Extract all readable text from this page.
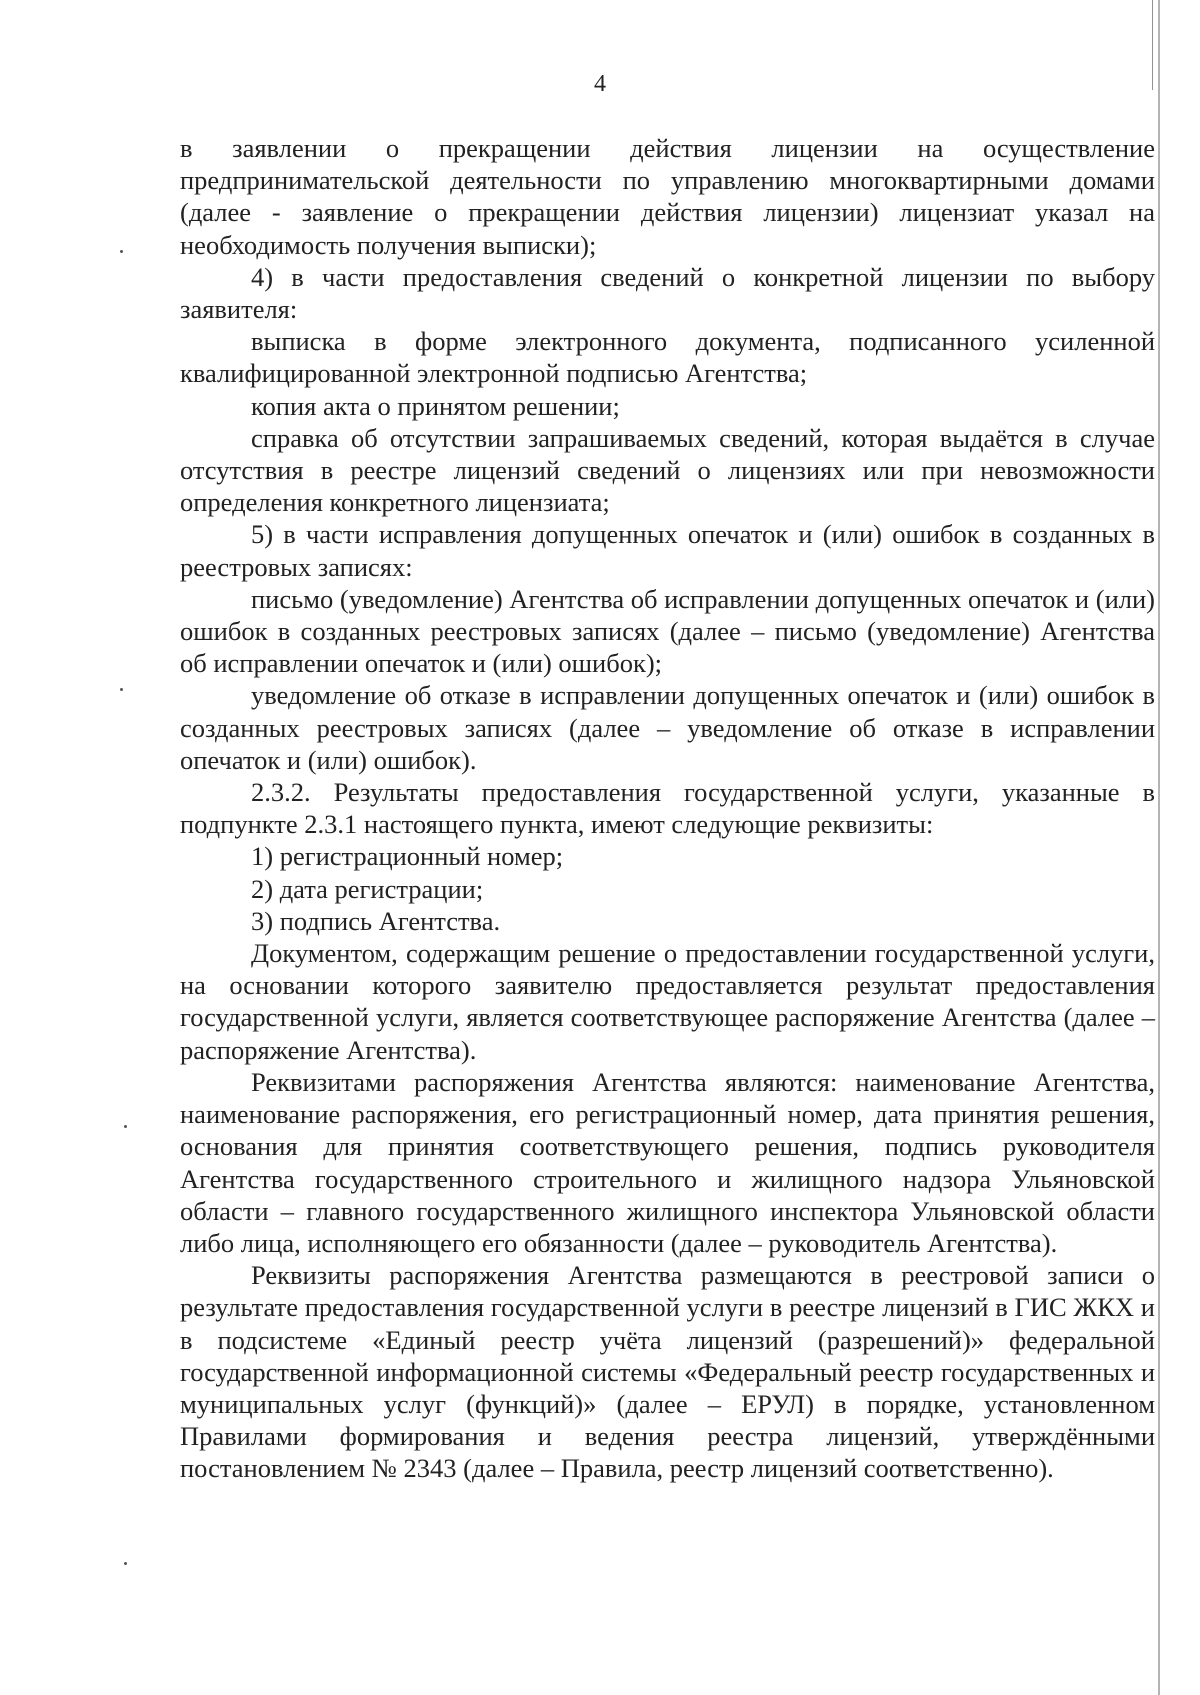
4

в заявлении о прекращении действия лицензии на осуществление предпринимательской деятельности по управлению многоквартирными домами (далее - заявление о прекращении действия лицензии) лицензиат указал на необходимость получения выписки);

4) в части предоставления сведений о конкретной лицензии по выбору заявителя:

выписка в форме электронного документа, подписанного усиленной квалифицированной электронной подписью Агентства;

копия акта о принятом решении;

справка об отсутствии запрашиваемых сведений, которая выдаётся в случае отсутствия в реестре лицензий сведений о лицензиях или при невозможности определения конкретного лицензиата;

5) в части исправления допущенных опечаток и (или) ошибок в созданных в реестровых записях:

письмо (уведомление) Агентства об исправлении допущенных опечаток и (или) ошибок в созданных реестровых записях (далее – письмо (уведомление) Агентства об исправлении опечаток и (или) ошибок);

уведомление об отказе в исправлении допущенных опечаток и (или) ошибок в созданных реестровых записях (далее – уведомление об отказе в исправлении опечаток и (или) ошибок).

2.3.2. Результаты предоставления государственной услуги, указанные в подпункте 2.3.1 настоящего пункта, имеют следующие реквизиты:

1) регистрационный номер;

2) дата регистрации;

3) подпись Агентства.

Документом, содержащим решение о предоставлении государственной услуги, на основании которого заявителю предоставляется результат предоставления государственной услуги, является соответствующее распоряжение Агентства (далее – распоряжение Агентства).

Реквизитами распоряжения Агентства являются: наименование Агентства, наименование распоряжения, его регистрационный номер, дата принятия решения, основания для принятия соответствующего решения, подпись руководителя Агентства государственного строительного и жилищного надзора Ульяновской области – главного государственного жилищного инспектора Ульяновской области либо лица, исполняющего его обязанности (далее – руководитель Агентства).

Реквизиты распоряжения Агентства размещаются в реестровой записи о результате предоставления государственной услуги в реестре лицензий в ГИС ЖКХ и в подсистеме «Единый реестр учёта лицензий (разрешений)» федеральной государственной информационной системы «Федеральный реестр государственных и муниципальных услуг (функций)» (далее – ЕРУЛ) в порядке, установленном Правилами формирования и ведения реестра лицензий, утверждёнными постановлением № 2343 (далее – Правила, реестр лицензий соответственно).
